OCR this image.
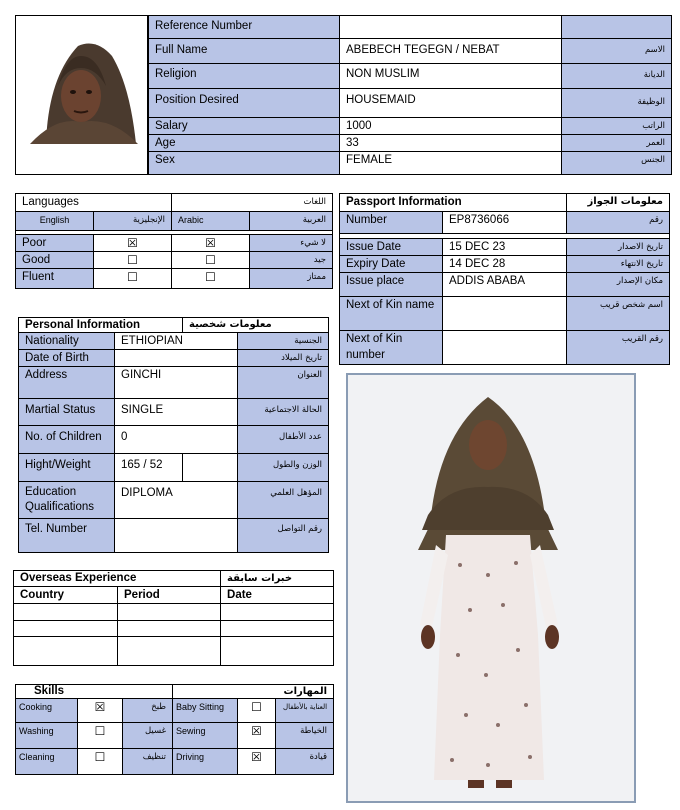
	Reference Number		
	Full Name	ABEBECH TEGEGN / NEBAT	الاسم
	Religion	NON MUSLIM	الديانة
	Position Desired	HOUSEMAID	الوظيفة
	Salary	1000	الراتب
	Age	33	العمر
	Sex	FEMALE	الجنس
Languages		اللغات	
English	الإنجليزية	Arabic	العربية

Poor	☒	☒	لا شيء
Good	☐	☐	جيد
Fluent	☐	☐	ممتاز
Passport Information		معلومات الجواز
Number	EP8736066	رقم

Issue Date	15 DEC 23	تاريخ الاصدار
Expiry Date	14 DEC 28	تاريخ الانتهاء
Issue place	ADDIS ABABA	مكان الإصدار
Next of Kin name		اسم شخص قريب
Next of Kin number		رقم القريب
Personal Information		معلومات شخصية	
Nationality	ETHIOPIAN		الجنسية
Date of Birth			تاريخ الميلاد
Address	GINCHI		العنوان
Martial Status	SINGLE		الحالة الاجتماعية
No. of Children	0		عدد الأطفال
Hight/Weight	165 / 52		الوزن والطول
Education Qualifications	DIPLOMA		المؤهل العلمي
Tel. Number			رقم التواصل
Overseas Experience		خبرات سابقة
Country	Period	Date

Skills			المهارات		
Cooking	☒	طبخ	Baby Sitting	☐	العناية بالأطفال
Washing	☐	غسيل	Sewing	☒	الخياطة
Cleaning	☐	تنظيف	Driving	☒	قيادة
